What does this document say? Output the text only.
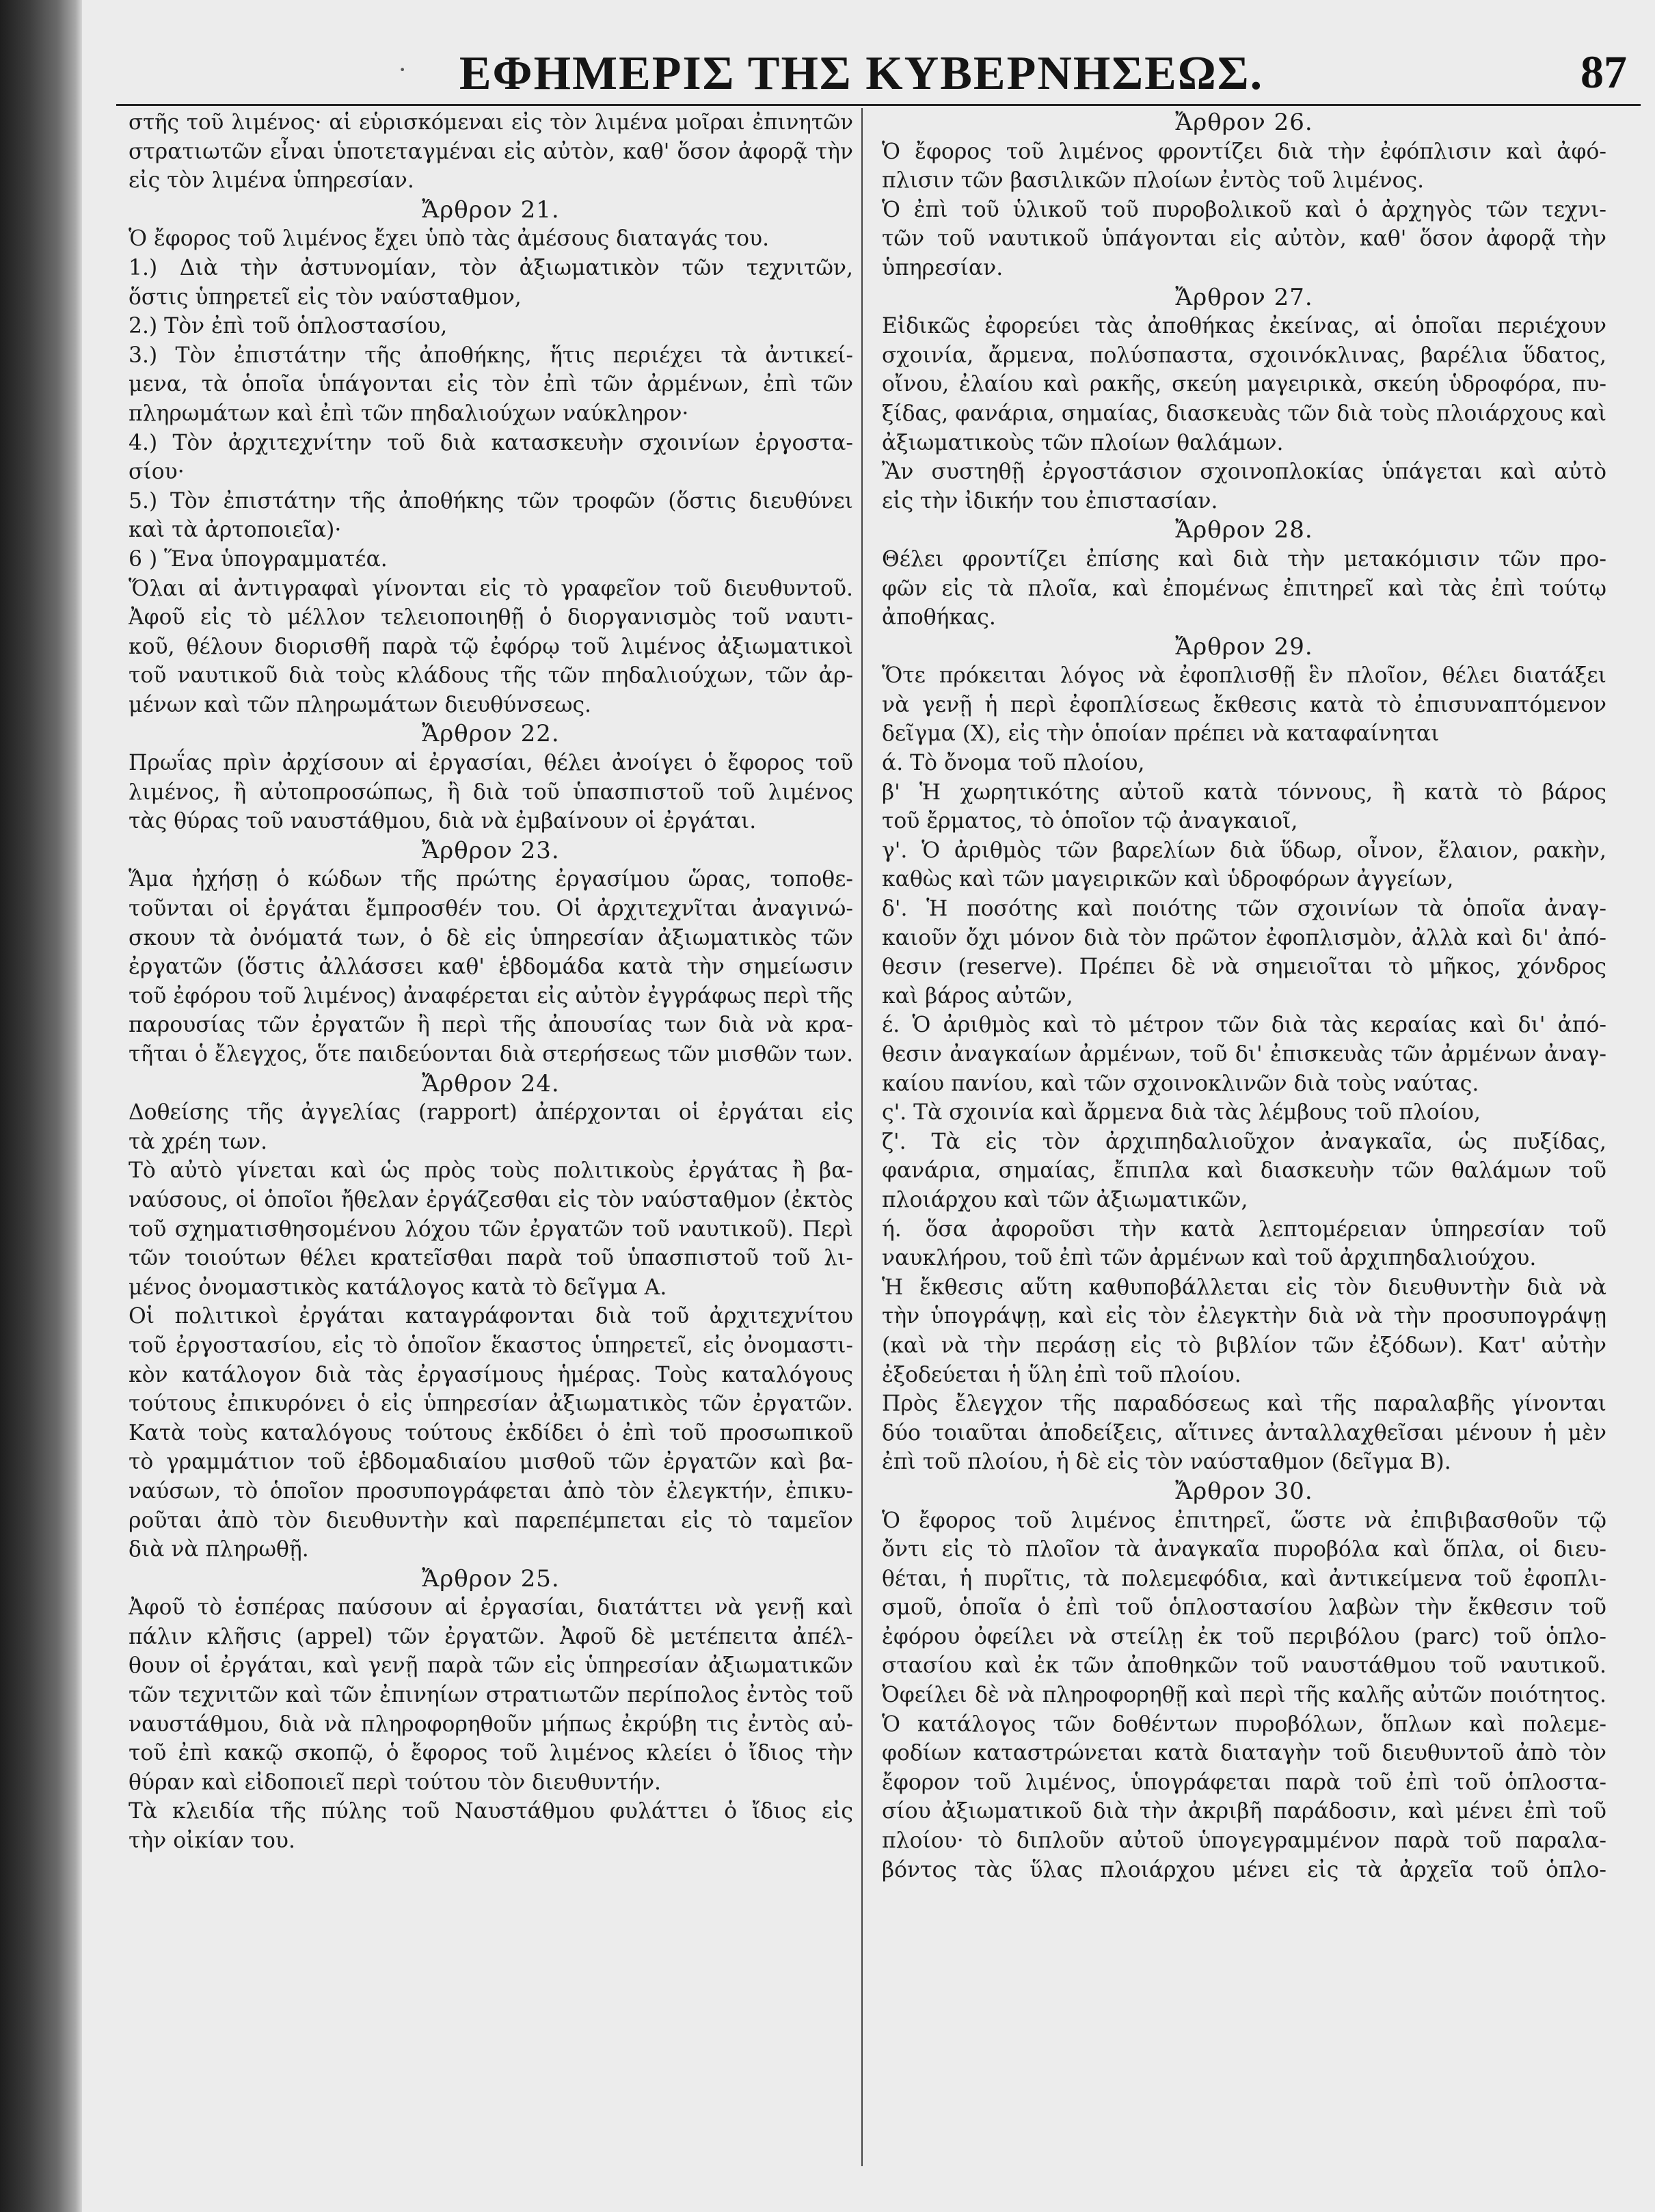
·	ΕΦΗΜΕΡΙΣ ΤΗΣ ΚΥΒΕΡΝΗΣΕΩΣ.	87
στῆς τοῦ λιμένος· αἱ εὑρισκόμεναι εἰς τὸν λιμένα μοῖραι ἐπινητῶν
στρατιωτῶν εἶναι ὑποτεταγμέναι εἰς αὐτὸν, καθ' ὅσον ἀφορᾷ τὴν
εἰς τὸν λιμένα ὑπηρεσίαν.
Ἄρθρον 21.
Ὁ ἔφορος τοῦ λιμένος ἔχει ὑπὸ τὰς ἀμέσους διαταγάς του.
1.) Διὰ τὴν ἀστυνομίαν, τὸν ἀξιωματικὸν τῶν τεχνιτῶν,
ὅστις ὑπηρετεῖ εἰς τὸν ναύσταθμον,
2.) Τὸν ἐπὶ τοῦ ὁπλοστασίου,
3.) Τὸν ἐπιστάτην τῆς ἀποθήκης, ἥτις περιέχει τὰ ἀντικεί-
μενα, τὰ ὁποῖα ὑπάγονται εἰς τὸν ἐπὶ τῶν ἀρμένων, ἐπὶ τῶν
πληρωμάτων καὶ ἐπὶ τῶν πηδαλιούχων ναύκληρον·
4.) Τὸν ἀρχιτεχνίτην τοῦ διὰ κατασκευὴν σχοινίων ἐργοστα-
σίου·
5.) Τὸν ἐπιστάτην τῆς ἀποθήκης τῶν τροφῶν (ὅστις διευθύνει
καὶ τὰ ἀρτοποιεῖα)·
6 ) Ἕνα ὑπογραμματέα.
Ὅλαι αἱ ἀντιγραφαὶ γίνονται εἰς τὸ γραφεῖον τοῦ διευθυντοῦ.
Ἀφοῦ εἰς τὸ μέλλον τελειοποιηθῇ ὁ διοργανισμὸς τοῦ ναυτι-
κοῦ, θέλουν διορισθῆ παρὰ τῷ ἐφόρῳ τοῦ λιμένος ἀξιωματικοὶ
τοῦ ναυτικοῦ διὰ τοὺς κλάδους τῆς τῶν πηδαλιούχων, τῶν ἀρ-
μένων καὶ τῶν πληρωμάτων διευθύνσεως.
Ἄρθρον 22.
Πρωΐας πρὶν ἀρχίσουν αἱ ἐργασίαι, θέλει ἀνοίγει ὁ ἔφορος τοῦ
λιμένος, ἢ αὐτοπροσώπως, ἢ διὰ τοῦ ὑπασπιστοῦ τοῦ λιμένος
τὰς θύρας τοῦ ναυστάθμου, διὰ νὰ ἐμβαίνουν οἱ ἐργάται.
Ἄρθρον 23.
Ἅμα ἠχήσῃ ὁ κώδων τῆς πρώτης ἐργασίμου ὥρας, τοποθε-
τοῦνται οἱ ἐργάται ἔμπροσθέν του. Οἱ ἀρχιτεχνῖται ἀναγινώ-
σκουν τὰ ὀνόματά των, ὁ δὲ εἰς ὑπηρεσίαν ἀξιωματικὸς τῶν
ἐργατῶν (ὅστις ἀλλάσσει καθ' ἑβδομάδα κατὰ τὴν σημείωσιν
τοῦ ἐφόρου τοῦ λιμένος) ἀναφέρεται εἰς αὐτὸν ἐγγράφως περὶ τῆς
παρουσίας τῶν ἐργατῶν ἢ περὶ τῆς ἀπουσίας των διὰ νὰ κρα-
τῆται ὁ ἔλεγχος, ὅτε παιδεύονται διὰ στερήσεως τῶν μισθῶν των.
Ἄρθρον 24.
Δοθείσης τῆς ἀγγελίας (rapport) ἀπέρχονται οἱ ἐργάται εἰς
τὰ χρέη των.
Τὸ αὐτὸ γίνεται καὶ ὡς πρὸς τοὺς πολιτικοὺς ἐργάτας ἢ βα-
ναύσους, οἱ ὁποῖοι ἤθελαν ἐργάζεσθαι εἰς τὸν ναύσταθμον (ἐκτὸς
τοῦ σχηματισθησομένου λόχου τῶν ἐργατῶν τοῦ ναυτικοῦ). Περὶ
τῶν τοιούτων θέλει κρατεῖσθαι παρὰ τοῦ ὑπασπιστοῦ τοῦ λι-
μένος ὀνομαστικὸς κατάλογος κατὰ τὸ δεῖγμα Α.
Οἱ πολιτικοὶ ἐργάται καταγράφονται διὰ τοῦ ἀρχιτεχνίτου
τοῦ ἐργοστασίου, εἰς τὸ ὁποῖον ἕκαστος ὑπηρετεῖ, εἰς ὀνομαστι-
κὸν κατάλογον διὰ τὰς ἐργασίμους ἡμέρας. Τοὺς καταλόγους
τούτους ἐπικυρόνει ὁ εἰς ὑπηρεσίαν ἀξιωματικὸς τῶν ἐργατῶν.
Κατὰ τοὺς καταλόγους τούτους ἐκδίδει ὁ ἐπὶ τοῦ προσωπικοῦ
τὸ γραμμάτιον τοῦ ἑβδομαδιαίου μισθοῦ τῶν ἐργατῶν καὶ βα-
ναύσων, τὸ ὁποῖον προσυπογράφεται ἀπὸ τὸν ἐλεγκτήν, ἐπικυ-
ροῦται ἀπὸ τὸν διευθυντὴν καὶ παρεπέμπεται εἰς τὸ ταμεῖον
διὰ νὰ πληρωθῇ.
Ἄρθρον 25.
Ἀφοῦ τὸ ἑσπέρας παύσουν αἱ ἐργασίαι, διατάττει νὰ γενῇ καὶ
πάλιν κλῆσις (appel) τῶν ἐργατῶν. Ἀφοῦ δὲ μετέπειτα ἀπέλ-
θουν οἱ ἐργάται, καὶ γενῇ παρὰ τῶν εἰς ὑπηρεσίαν ἀξιωματικῶν
τῶν τεχνιτῶν καὶ τῶν ἐπινηίων στρατιωτῶν περίπολος ἐντὸς τοῦ
ναυστάθμου, διὰ νὰ πληροφορηθοῦν μήπως ἐκρύβη τις ἐντὸς αὐ-
τοῦ ἐπὶ κακῷ σκοπῷ, ὁ ἔφορος τοῦ λιμένος κλείει ὁ ἴδιος τὴν
θύραν καὶ εἰδοποιεῖ περὶ τούτου τὸν διευθυντήν.
Τὰ κλειδία τῆς πύλης τοῦ Ναυστάθμου φυλάττει ὁ ἴδιος εἰς
τὴν οἰκίαν του.
Ἄρθρον 26.
Ὁ ἔφορος τοῦ λιμένος φροντίζει διὰ τὴν ἐφόπλισιν καὶ ἀφό-
πλισιν τῶν βασιλικῶν πλοίων ἐντὸς τοῦ λιμένος.
Ὁ ἐπὶ τοῦ ὑλικοῦ τοῦ πυροβολικοῦ καὶ ὁ ἀρχηγὸς τῶν τεχνι-
τῶν τοῦ ναυτικοῦ ὑπάγονται εἰς αὐτὸν, καθ' ὅσον ἀφορᾷ τὴν
ὑπηρεσίαν.
Ἄρθρον 27.
Εἰδικῶς ἐφορεύει τὰς ἀποθήκας ἐκείνας, αἱ ὁποῖαι περιέχουν
σχοινία, ἄρμενα, πολύσπαστα, σχοινόκλινας, βαρέλια ὕδατος,
οἴνου, ἐλαίου καὶ ρακῆς, σκεύη μαγειρικὰ, σκεύη ὑδροφόρα, πυ-
ξίδας, φανάρια, σημαίας, διασκευὰς τῶν διὰ τοὺς πλοιάρχους καὶ
ἀξιωματικοὺς τῶν πλοίων θαλάμων.
Ἂν συστηθῇ ἐργοστάσιον σχοινοπλοκίας ὑπάγεται καὶ αὐτὸ
εἰς τὴν ἰδικήν του ἐπιστασίαν.
Ἄρθρον 28.
Θέλει φροντίζει ἐπίσης καὶ διὰ τὴν μετακόμισιν τῶν προ-
φῶν εἰς τὰ πλοῖα, καὶ ἐπομένως ἐπιτηρεῖ καὶ τὰς ἐπὶ τούτῳ
ἀποθήκας.
Ἄρθρον 29.
Ὅτε πρόκειται λόγος νὰ ἐφοπλισθῇ ἓν πλοῖον, θέλει διατάξει
νὰ γενῇ ἡ περὶ ἐφοπλίσεως ἔκθεσις κατὰ τὸ ἐπισυναπτόμενον
δεῖγμα (Χ), εἰς τὴν ὁποίαν πρέπει νὰ καταφαίνηται
ά. Τὸ ὄνομα τοῦ πλοίου,
β' Ἡ χωρητικότης αὐτοῦ κατὰ τόννους, ἢ κατὰ τὸ βάρος
τοῦ ἔρματος, τὸ ὁποῖον τῷ ἀναγκαιοῖ,
γ'. Ὁ ἀριθμὸς τῶν βαρελίων διὰ ὕδωρ, οἶνον, ἔλαιον, ρακὴν,
καθὼς καὶ τῶν μαγειρικῶν καὶ ὑδροφόρων ἀγγείων,
δ'. Ἡ ποσότης καὶ ποιότης τῶν σχοινίων τὰ ὁποῖα ἀναγ-
καιοῦν ὄχι μόνον διὰ τὸν πρῶτον ἐφοπλισμὸν, ἀλλὰ καὶ δι' ἀπό-
θεσιν (reserve). Πρέπει δὲ νὰ σημειοῖται τὸ μῆκος, χόνδρος
καὶ βάρος αὐτῶν,
έ. Ὁ ἀριθμὸς καὶ τὸ μέτρον τῶν διὰ τὰς κεραίας καὶ δι' ἀπό-
θεσιν ἀναγκαίων ἀρμένων, τοῦ δι' ἐπισκευὰς τῶν ἀρμένων ἀναγ-
καίου πανίου, καὶ τῶν σχοινοκλινῶν διὰ τοὺς ναύτας.
ς'. Τὰ σχοινία καὶ ἄρμενα διὰ τὰς λέμβους τοῦ πλοίου,
ζ'. Τὰ εἰς τὸν ἀρχιπηδαλιοῦχον ἀναγκαῖα, ὡς πυξίδας,
φανάρια, σημαίας, ἔπιπλα καὶ διασκευὴν τῶν θαλάμων τοῦ
πλοιάρχου καὶ τῶν ἀξιωματικῶν,
ή. ὅσα ἀφοροῦσι τὴν κατὰ λεπτομέρειαν ὑπηρεσίαν τοῦ
ναυκλήρου, τοῦ ἐπὶ τῶν ἀρμένων καὶ τοῦ ἀρχιπηδαλιούχου.
Ἡ ἔκθεσις αὕτη καθυποβάλλεται εἰς τὸν διευθυντὴν διὰ νὰ
τὴν ὑπογράψῃ, καὶ εἰς τὸν ἐλεγκτὴν διὰ νὰ τὴν προσυπογράψῃ
(καὶ νὰ τὴν περάσῃ εἰς τὸ βιβλίον τῶν ἐξόδων). Κατ' αὐτὴν
ἐξοδεύεται ἡ ὕλη ἐπὶ τοῦ πλοίου.
Πρὸς ἔλεγχον τῆς παραδόσεως καὶ τῆς παραλαβῆς γίνονται
δύο τοιαῦται ἀποδείξεις, αἵτινες ἀνταλλαχθεῖσαι μένουν ἡ μὲν
ἐπὶ τοῦ πλοίου, ἡ δὲ εἰς τὸν ναύσταθμον (δεῖγμα Β).
Ἄρθρον 30.
Ὁ ἔφορος τοῦ λιμένος ἐπιτηρεῖ, ὥστε νὰ ἐπιβιβασθοῦν τῷ
ὄντι εἰς τὸ πλοῖον τὰ ἀναγκαῖα πυροβόλα καὶ ὅπλα, οἱ διευ-
θέται, ἡ πυρῖτις, τὰ πολεμεφόδια, καὶ ἀντικείμενα τοῦ ἐφοπλι-
σμοῦ, ὁποῖα ὁ ἐπὶ τοῦ ὁπλοστασίου λαβὼν τὴν ἔκθεσιν τοῦ
ἐφόρου ὀφείλει νὰ στείλῃ ἐκ τοῦ περιβόλου (parc) τοῦ ὁπλο-
στασίου καὶ ἐκ τῶν ἀποθηκῶν τοῦ ναυστάθμου τοῦ ναυτικοῦ.
Ὀφείλει δὲ νὰ πληροφορηθῇ καὶ περὶ τῆς καλῆς αὐτῶν ποιότητος.
Ὁ κατάλογος τῶν δοθέντων πυροβόλων, ὅπλων καὶ πολεμε-
φοδίων καταστρώνεται κατὰ διαταγὴν τοῦ διευθυντοῦ ἀπὸ τὸν
ἔφορον τοῦ λιμένος, ὑπογράφεται παρὰ τοῦ ἐπὶ τοῦ ὁπλοστα-
σίου ἀξιωματικοῦ διὰ τὴν ἀκριβῆ παράδοσιν, καὶ μένει ἐπὶ τοῦ
πλοίου· τὸ διπλοῦν αὐτοῦ ὑπογεγραμμένον παρὰ τοῦ παραλα-
βόντος τὰς ὕλας πλοιάρχου μένει εἰς τὰ ἀρχεῖα τοῦ ὁπλο-
